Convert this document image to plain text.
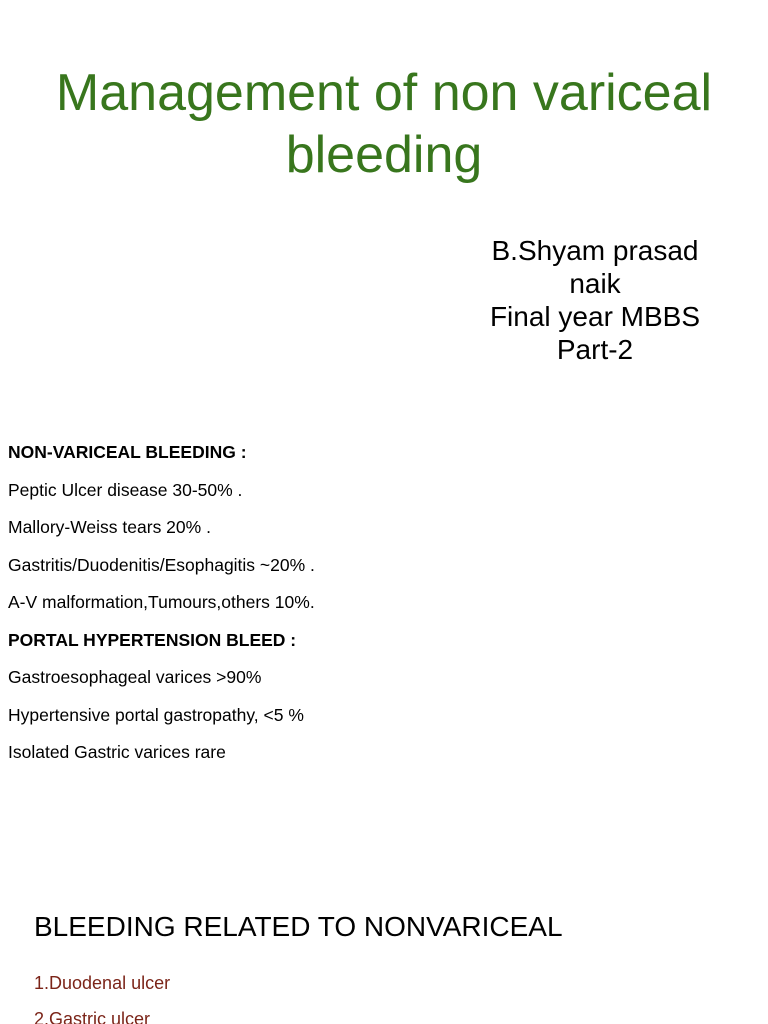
Management of non variceal bleeding
B.Shyam prasad
naik
Final year MBBS
Part-2
NON-VARICEAL BLEEDING :
Peptic Ulcer disease 30-50% .
Mallory-Weiss tears 20% .
Gastritis/Duodenitis/Esophagitis ~20% .
A-V malformation,Tumours,others 10%.
PORTAL HYPERTENSION BLEED :
Gastroesophageal varices >90%
Hypertensive portal gastropathy, <5 %
Isolated Gastric varices rare
BLEEDING RELATED TO NONVARICEAL
1.Duodenal ulcer
2.Gastric ulcer
